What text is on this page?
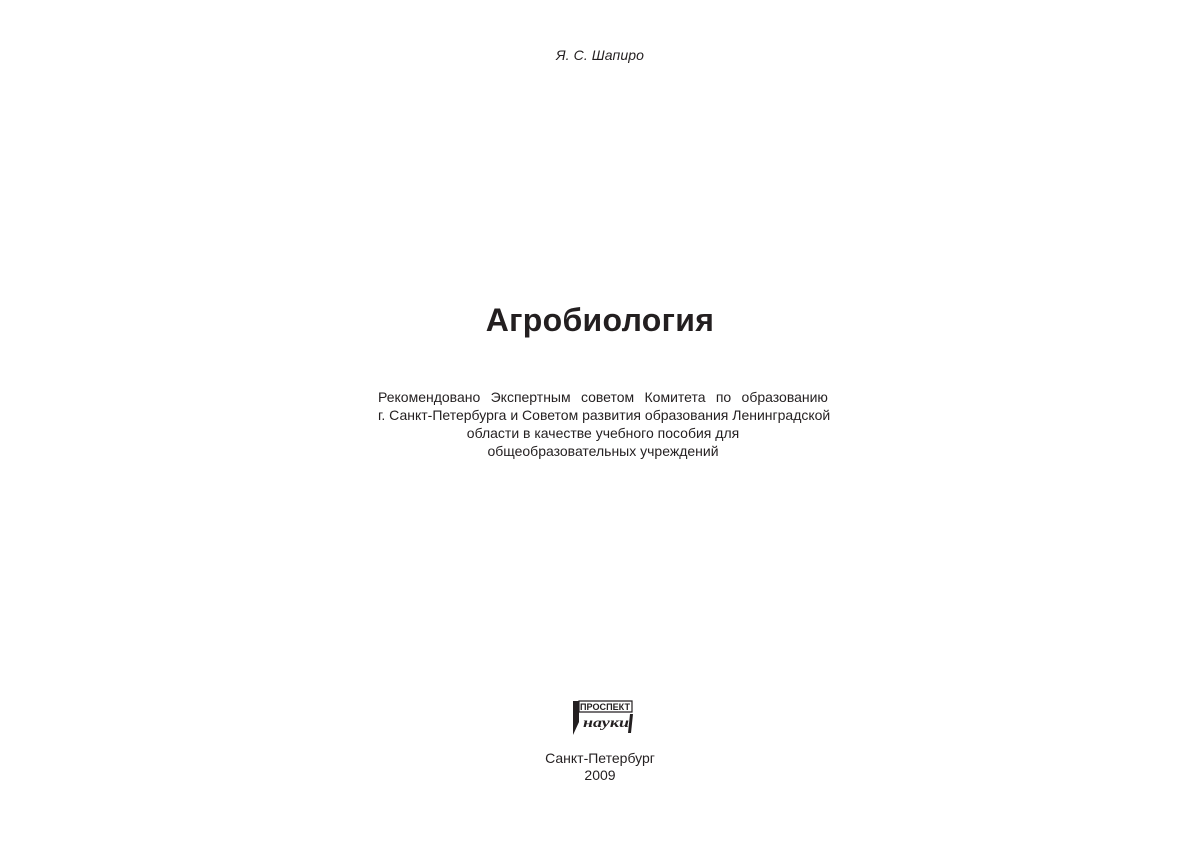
Я. С. Шапиро
Агробиология
Рекомендовано Экспертным советом Комитета по образованию
г. Санкт-Петербурга и Советом развития образования Ленинградской
области в качестве учебного пособия для
общеобразовательных учреждений
ПРОСПЕКТ
науки
Санкт-Петербург
2009
